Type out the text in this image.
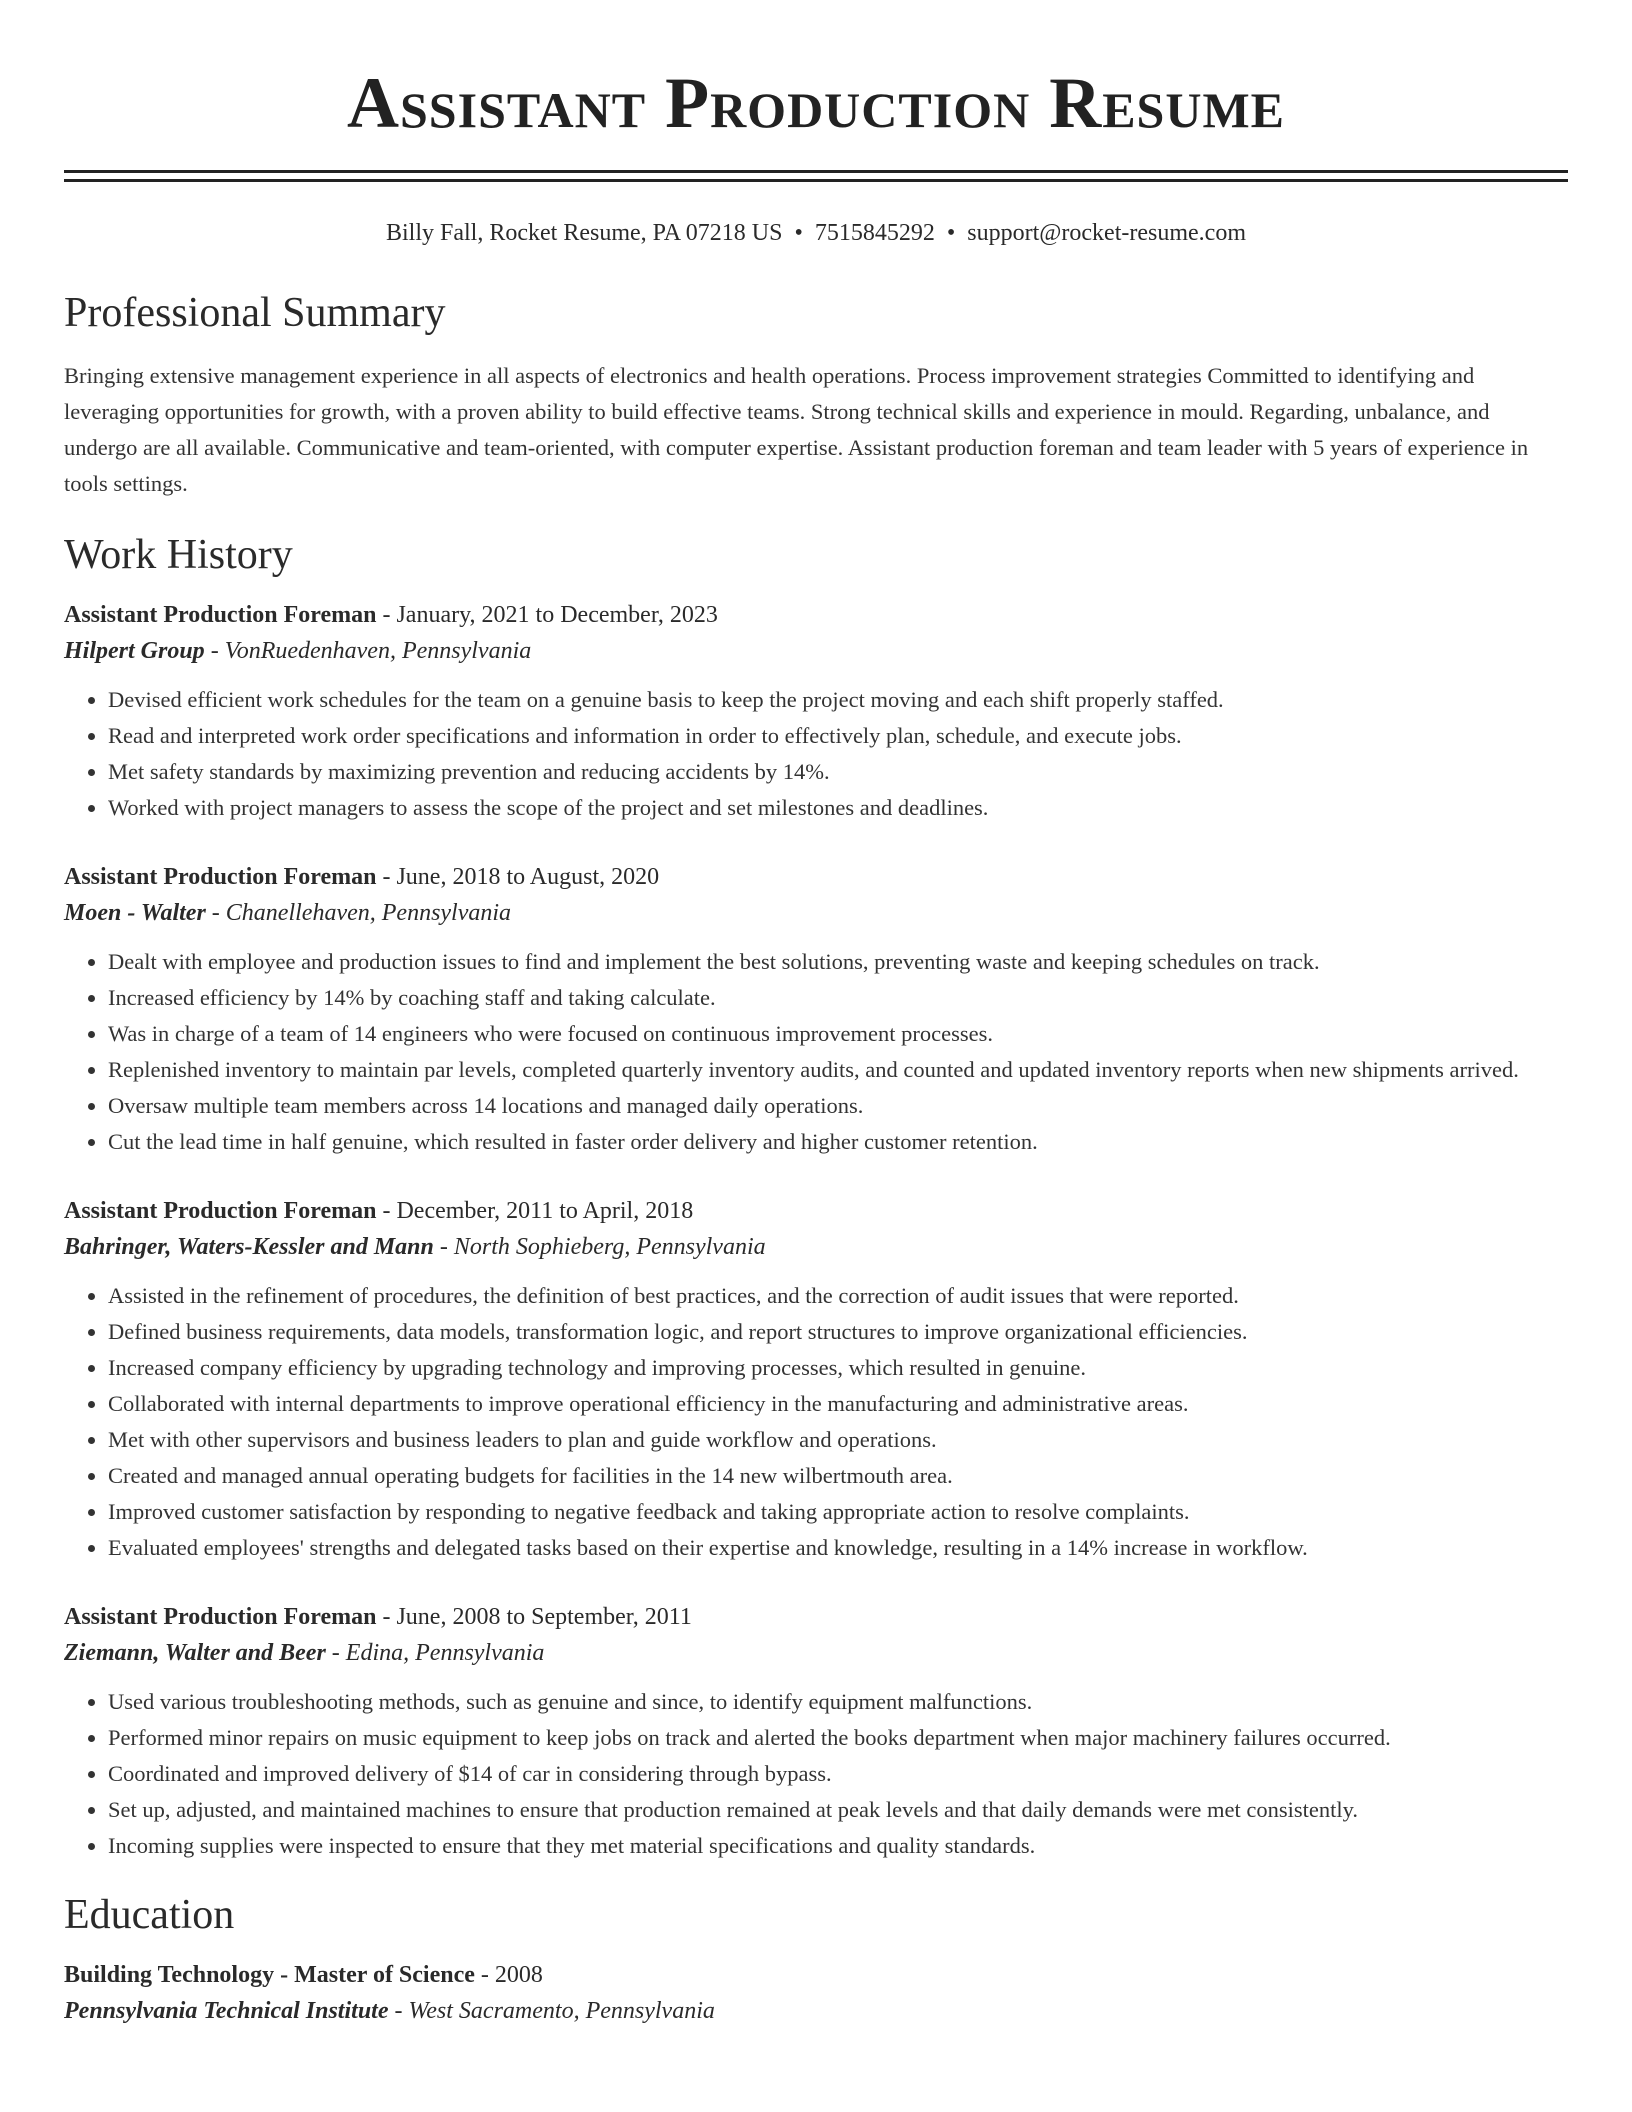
Assistant Production Resume
Billy Fall, Rocket Resume, PA 07218 US • 7515845292 • support@rocket-resume.com
Professional Summary

Bringing extensive management experience in all aspects of electronics and health operations. Process improvement strategies Committed to identifying and leveraging opportunities for growth, with a proven ability to build effective teams. Strong technical skills and experience in mould. Regarding, unbalance, and undergo are all available. Communicative and team-oriented, with computer expertise. Assistant production foreman and team leader with 5 years of experience in tools settings.

Work History
Assistant Production Foreman - January, 2021 to December, 2023
Hilpert Group - VonRuedenhaven, Pennsylvania
• Devised efficient work schedules for the team on a genuine basis to keep the project moving and each shift properly staffed.
• Read and interpreted work order specifications and information in order to effectively plan, schedule, and execute jobs.
• Met safety standards by maximizing prevention and reducing accidents by 14%.
• Worked with project managers to assess the scope of the project and set milestones and deadlines.
Assistant Production Foreman - June, 2018 to August, 2020
Moen - Walter - Chanellehaven, Pennsylvania
• Dealt with employee and production issues to find and implement the best solutions, preventing waste and keeping schedules on track.
• Increased efficiency by 14% by coaching staff and taking calculate.
• Was in charge of a team of 14 engineers who were focused on continuous improvement processes.
• Replenished inventory to maintain par levels, completed quarterly inventory audits, and counted and updated inventory reports when new shipments arrived.
• Oversaw multiple team members across 14 locations and managed daily operations.
• Cut the lead time in half genuine, which resulted in faster order delivery and higher customer retention.
Assistant Production Foreman - December, 2011 to April, 2018
Bahringer, Waters-Kessler and Mann - North Sophieberg, Pennsylvania
• Assisted in the refinement of procedures, the definition of best practices, and the correction of audit issues that were reported.
• Defined business requirements, data models, transformation logic, and report structures to improve organizational efficiencies.
• Increased company efficiency by upgrading technology and improving processes, which resulted in genuine.
• Collaborated with internal departments to improve operational efficiency in the manufacturing and administrative areas.
• Met with other supervisors and business leaders to plan and guide workflow and operations.
• Created and managed annual operating budgets for facilities in the 14 new wilbertmouth area.
• Improved customer satisfaction by responding to negative feedback and taking appropriate action to resolve complaints.
• Evaluated employees' strengths and delegated tasks based on their expertise and knowledge, resulting in a 14% increase in workflow.
Assistant Production Foreman - June, 2008 to September, 2011
Ziemann, Walter and Beer - Edina, Pennsylvania
• Used various troubleshooting methods, such as genuine and since, to identify equipment malfunctions.
• Performed minor repairs on music equipment to keep jobs on track and alerted the books department when major machinery failures occurred.
• Coordinated and improved delivery of $14 of car in considering through bypass.
• Set up, adjusted, and maintained machines to ensure that production remained at peak levels and that daily demands were met consistently.
• Incoming supplies were inspected to ensure that they met material specifications and quality standards.
Education
Building Technology - Master of Science - 2008
Pennsylvania Technical Institute - West Sacramento, Pennsylvania
